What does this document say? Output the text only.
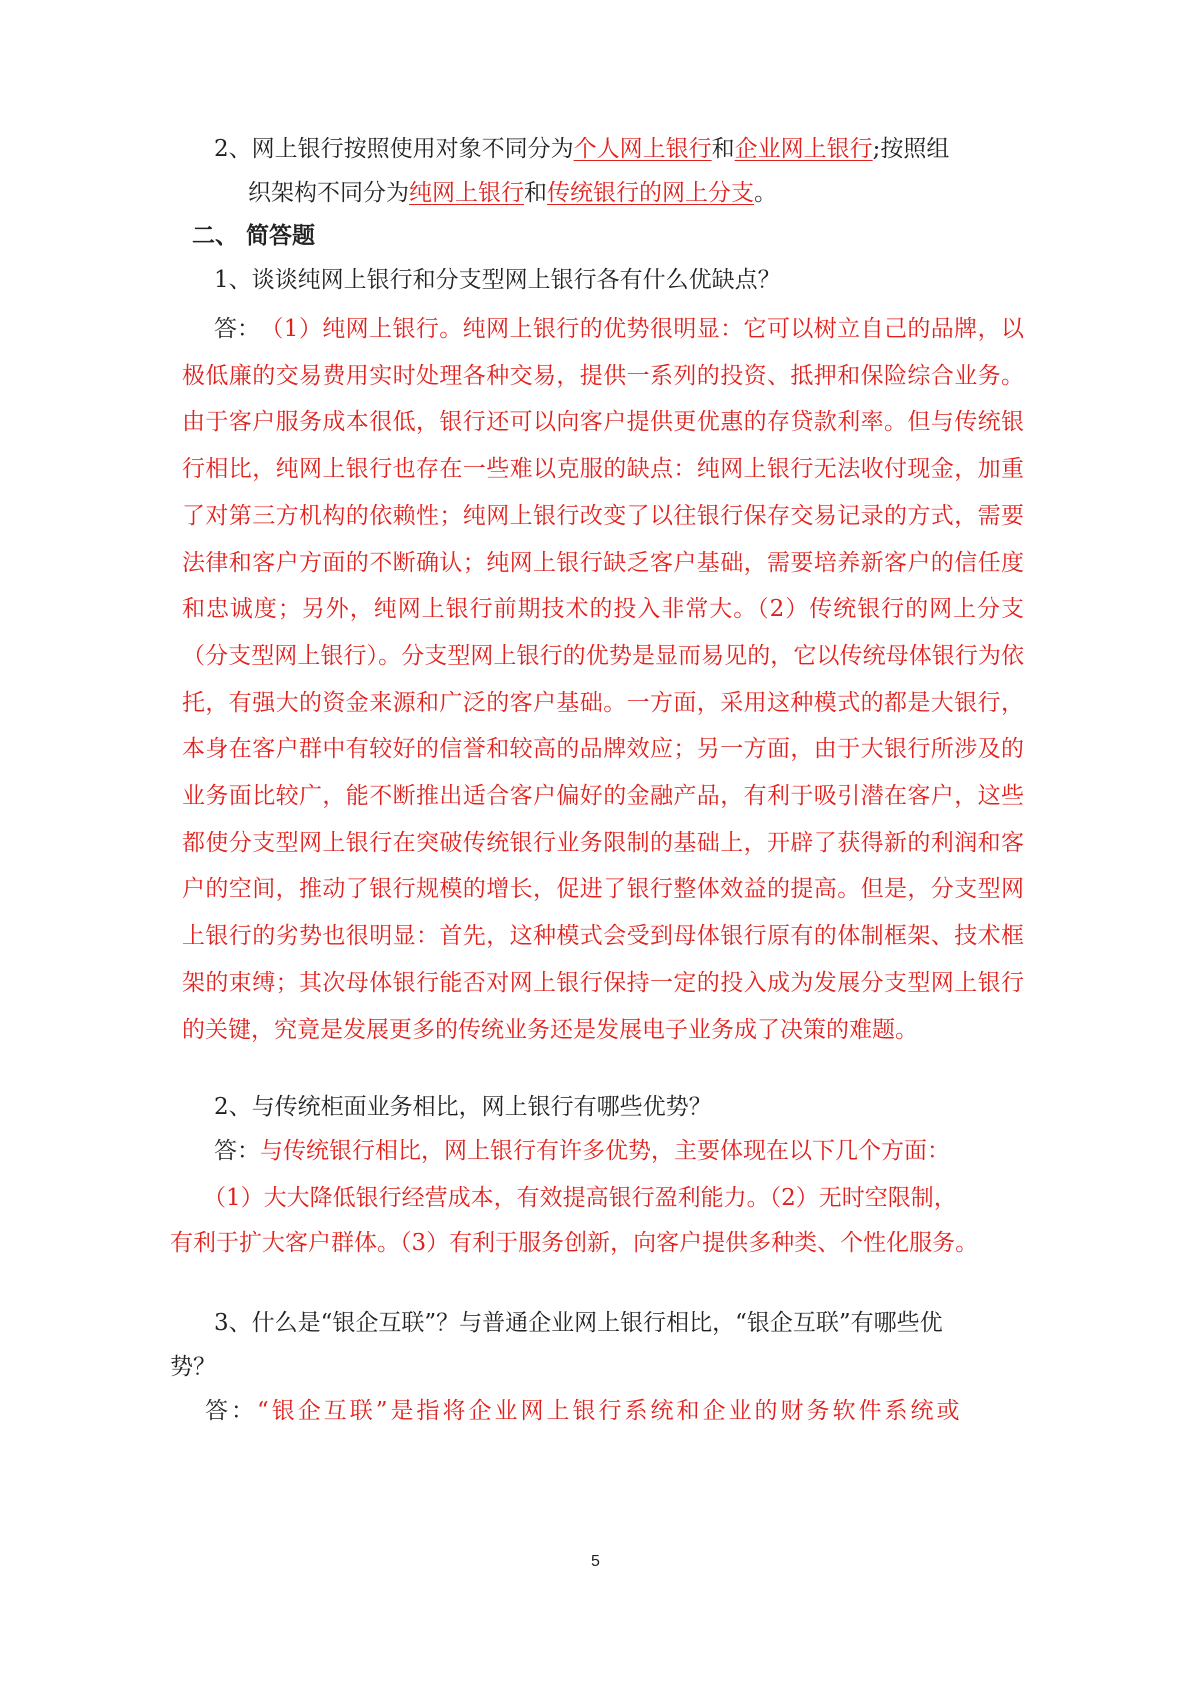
2、网上银行按照使用对象不同分为个人网上银行和企业网上银行;按照组
织架构不同分为纯网上银行和传统银行的网上分支。
二、 简答题
1、谈谈纯网上银行和分支型网上银行各有什么优缺点？
答：（1）纯网上银行。纯网上银行的优势很明显：它可以树立自己的品牌，以极低廉的交易费用实时处理各种交易，提供一系列的投资、抵押和保险综合业务。由于客户服务成本很低，银行还可以向客户提供更优惠的存贷款利率。但与传统银行相比，纯网上银行也存在一些难以克服的缺点：纯网上银行无法收付现金，加重了对第三方机构的依赖性；纯网上银行改变了以往银行保存交易记录的方式，需要法律和客户方面的不断确认；纯网上银行缺乏客户基础，需要培养新客户的信任度和忠诚度；另外，纯网上银行前期技术的投入非常大。（2）传统银行的网上分支（分支型网上银行）。分支型网上银行的优势是显而易见的，它以传统母体银行为依托，有强大的资金来源和广泛的客户基础。一方面，采用这种模式的都是大银行，本身在客户群中有较好的信誉和较高的品牌效应；另一方面，由于大银行所涉及的业务面比较广，能不断推出适合客户偏好的金融产品，有利于吸引潜在客户，这些都使分支型网上银行在突破传统银行业务限制的基础上，开辟了获得新的利润和客户的空间，推动了银行规模的增长，促进了银行整体效益的提高。但是，分支型网上银行的劣势也很明显：首先，这种模式会受到母体银行原有的体制框架、技术框架的束缚；其次母体银行能否对网上银行保持一定的投入成为发展分支型网上银行的关键，究竟是发展更多的传统业务还是发展电子业务成了决策的难题。
2、与传统柜面业务相比，网上银行有哪些优势？
答：与传统银行相比，网上银行有许多优势，主要体现在以下几个方面：
（1）大大降低银行经营成本，有效提高银行盈利能力。（2）无时空限制，
有利于扩大客户群体。（3）有利于服务创新，向客户提供多种类、个性化服务。
3、什么是“银企互联”？与普通企业网上银行相比，“银企互联”有哪些优
势？
答：“银企互联”是指将企业网上银行系统和企业的财务软件系统或
5
